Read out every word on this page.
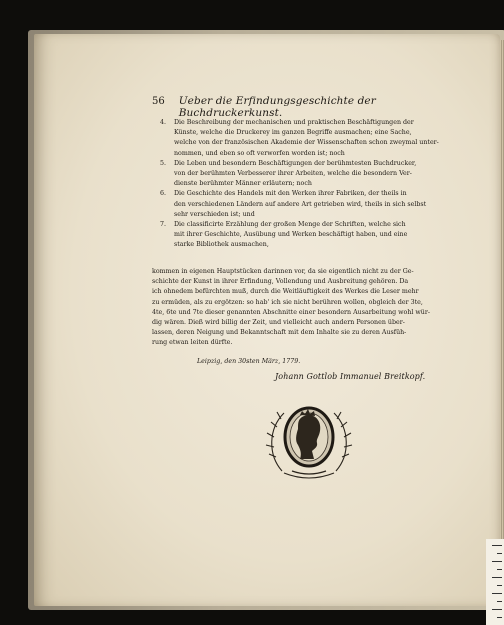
56 Ueber die Erfindungsgeschichte der Buchdruckerkunst.
4.	Die Beschreibung der mechanischen und praktischen Beschäftigungen der
Künste, welche die Druckerey im ganzen Begriffe ausmachen; eine Sache,
welche von der französischen Akademie der Wissenschaften schon zweymal unter-
nommen, und eben so oft verworfen worden ist; noch
5.	Die Leben und besondern Beschäftigungen der berühmtesten Buchdrucker,
von der berühmten Verbesserer ihrer Arbeiten, welche die besondern Ver-
dienste berühmter Männer erläutern; noch
6.	Die Geschichte des Handels mit den Werken ihrer Fabriken, der theils in
den verschiedenen Ländern auf andere Art getrieben wird, theils in sich selbst
sehr verschieden ist; und
7.	Die classificirte Erzählung der großen Menge der Schriften, welche sich
mit ihrer Geschichte, Ausübung und Werken beschäftigt haben, und eine
starke Bibliothek ausmachen,
kommen in eigenen Hauptstücken darinnen vor, da sie eigentlich nicht zu der Ge-
schichte der Kunst in ihrer Erfindung, Vollendung und Ausbreitung gehören. Da
ich ohnedem befürchten muß, durch die Weitläuftigkeit des Werkes die Leser mehr
zu ermüden, als zu ergötzen: so hab' ich sie nicht berühren wollen, obgleich der 3te,
4te, 6te und 7te dieser genannten Abschnitte einer besondern Ausarbeitung wohl wür-
dig wären. Dieß wird billig der Zeit, und vielleicht auch andern Personen über-
lassen, deren Neigung und Bekanntschaft mit dem Inhalte sie zu deren Ausfüh-
rung etwan leiten dürfte.
Leipzig, den 30sten März, 1779.
Johann Gottlob Immanuel Breitkopf.
